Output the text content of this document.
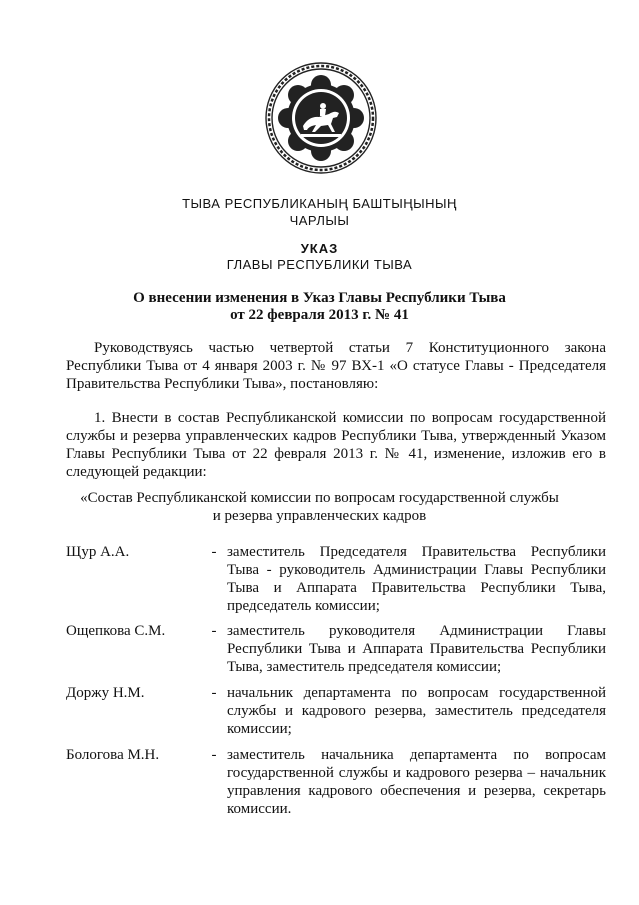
ТЫВА РЕСПУБЛИКАНЫҢ БАШТЫҢЫНЫҢ
ЧАРЛЫЫ
УКАЗ
ГЛАВЫ РЕСПУБЛИКИ ТЫВА
О внесении изменения в Указ Главы Республики Тыва
от 22 февраля 2013 г. № 41
Руководствуясь частью четвертой статьи 7 Конституционного закона Республики Тыва от 4 января 2003 г. № 97 ВХ-1 «О статусе Главы - Председателя Правительства Республики Тыва», постановляю:
1. Внести в состав Республиканской комиссии по вопросам государственной службы и резерва управленческих кадров Республики Тыва, утвержденный Указом Главы Республики Тыва от 22 февраля 2013 г. № 41, изменение, изложив его в следующей редакции:
«Состав Республиканской комиссии по вопросам государственной службы
и резерва управленческих кадров
Щур А.А.	- заместитель Председателя Правительства Республики Тыва - руководитель Администрации Главы Республики Тыва и Аппарата Правительства Республики Тыва, председатель комиссии;
Ощепкова С.М.	- заместитель руководителя Администрации Главы Республики Тыва и Аппарата Правительства Республики Тыва, заместитель председателя комиссии;
Доржу Н.М.	- начальник департамента по вопросам государственной службы и кадрового резерва, заместитель председателя комиссии;
Бологова М.Н.	- заместитель начальника департамента по вопросам государственной службы и кадрового резерва – начальник управления кадрового обеспечения и резерва, секретарь комиссии.
